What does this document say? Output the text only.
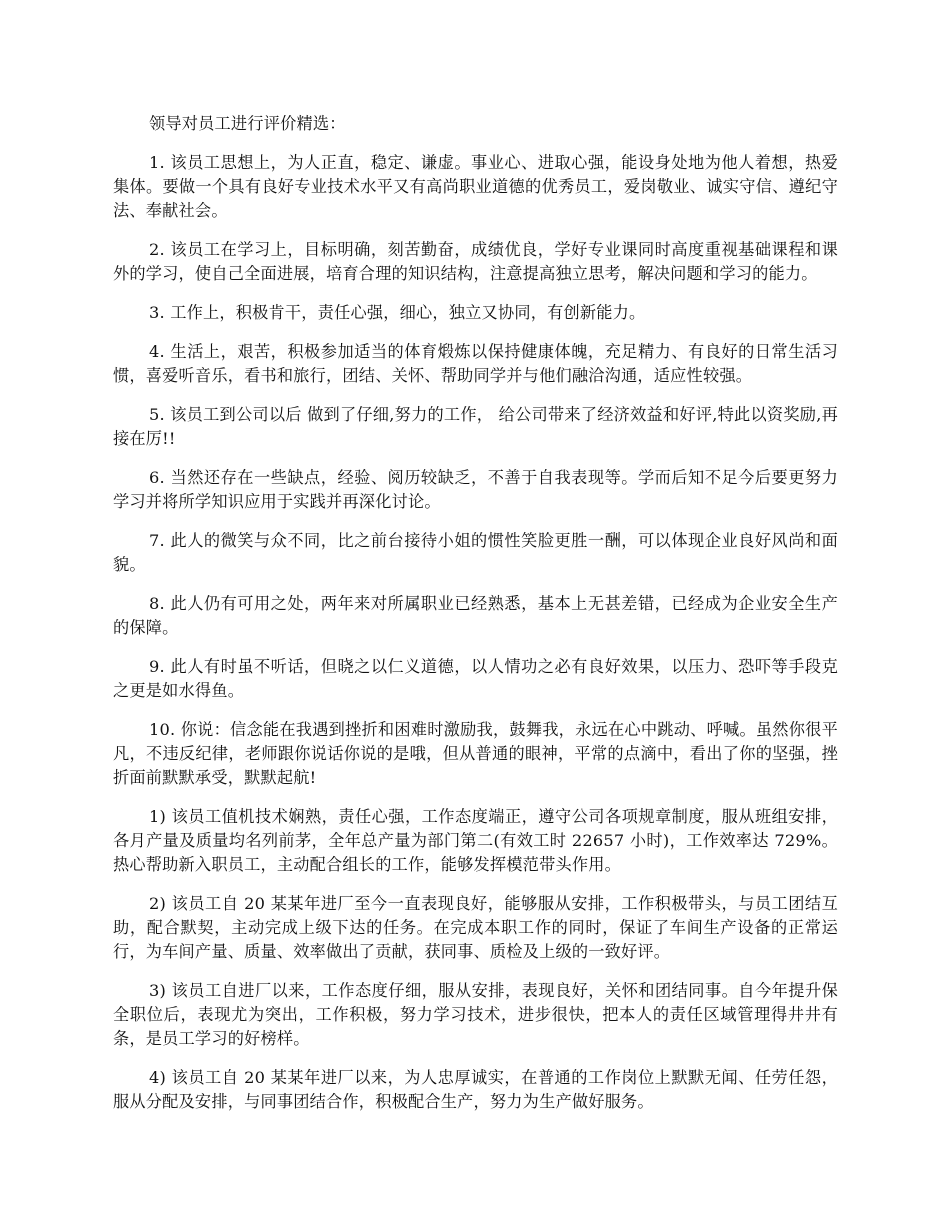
领导对员工进行评价精选：

1. 该员工思想上，为人正直，稳定、谦虚。事业心、进取心强，能设身处地为他人着想，热爱集体。要做一个具有良好专业技术水平又有高尚职业道德的优秀员工，爱岗敬业、诚实守信、遵纪守法、奉献社会。

2. 该员工在学习上，目标明确，刻苦勤奋，成绩优良，学好专业课同时高度重视基础课程和课外的学习，使自己全面进展，培育合理的知识结构，注意提高独立思考，解决问题和学习的能力。

3. 工作上，积极肯干，责任心强，细心，独立又协同，有创新能力。

4. 生活上，艰苦，积极参加适当的体育煅炼以保持健康体魄，充足精力、有良好的日常生活习惯，喜爱听音乐，看书和旅行，团结、关怀、帮助同学并与他们融洽沟通，适应性较强。

5. 该员工到公司以后 做到了仔细,努力的工作， 给公司带来了经济效益和好评,特此以资奖励,再接在厉!!

6. 当然还存在一些缺点，经验、阅历较缺乏，不善于自我表现等。学而后知不足今后要更努力学习并将所学知识应用于实践并再深化讨论。

7. 此人的微笑与众不同，比之前台接待小姐的惯性笑脸更胜一酬，可以体现企业良好风尚和面貌。

8. 此人仍有可用之处，两年来对所属职业已经熟悉，基本上无甚差错，已经成为企业安全生产的保障。

9. 此人有时虽不听话，但晓之以仁义道德，以人情功之必有良好效果，以压力、恐吓等手段克之更是如水得鱼。

10. 你说：信念能在我遇到挫折和困难时激励我，鼓舞我，永远在心中跳动、呼喊。虽然你很平凡，不违反纪律，老师跟你说话你说的是哦，但从普通的眼神，平常的点滴中，看出了你的坚强，挫折面前默默承受，默默起航!

1) 该员工值机技术娴熟，责任心强，工作态度端正，遵守公司各项规章制度，服从班组安排，各月产量及质量均名列前茅，全年总产量为部门第二(有效工时 22657 小时)，工作效率达 729%。热心帮助新入职员工，主动配合组长的工作，能够发挥模范带头作用。

2) 该员工自 20 某某年进厂至今一直表现良好，能够服从安排，工作积极带头，与员工团结互助，配合默契，主动完成上级下达的任务。在完成本职工作的同时，保证了车间生产设备的正常运行，为车间产量、质量、效率做出了贡献，获同事、质检及上级的一致好评。

3) 该员工自进厂以来，工作态度仔细，服从安排，表现良好，关怀和团结同事。自今年提升保全职位后，表现尤为突出，工作积极，努力学习技术，进步很快，把本人的责任区域管理得井井有条，是员工学习的好榜样。

4) 该员工自 20 某某年进厂以来，为人忠厚诚实，在普通的工作岗位上默默无闻、任劳任怨，服从分配及安排，与同事团结合作，积极配合生产，努力为生产做好服务。
